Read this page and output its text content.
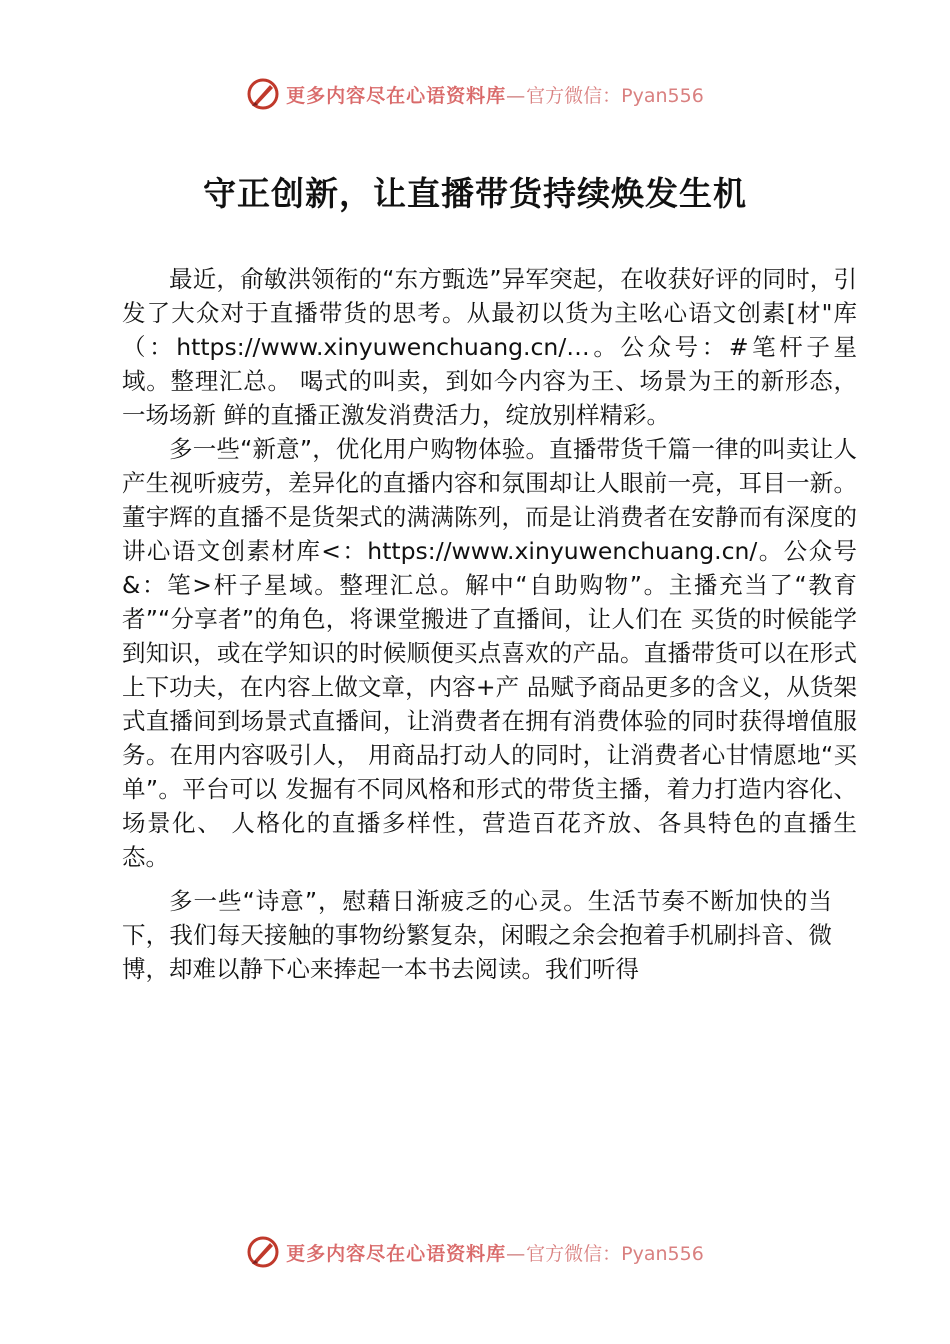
更多内容尽在心语资料库—官方微信：Pyan556
守正创新，让直播带货持续焕发生机

最近，俞敏洪领衔的“东方甄选”异军突起，在收获好评的同时，引发了大众对于直播带货的思考。从最初以货为主吆心语文创素[材"库（：https://www.xinyuwenchuang.cn/…。公众号：#笔杆子星域。整理汇总。 喝式的叫卖，到如今内容为王、场景为王的新形态，一场场新 鲜的直播正激发消费活力，绽放别样精彩。

多一些“新意”，优化用户购物体验。直播带货千篇一律的叫卖让人产生视听疲劳，差异化的直播内容和氛围却让人眼前一亮，耳目一新。董宇辉的直播不是货架式的满满陈列，而是让消费者在安静而有深度的讲心语文创素材库<：https://www.xinyuwenchuang.cn/。公众号&：笔>杆子星域。整理汇总。解中“自助购物”。主播充当了“教育者”“分享者”的角色，将课堂搬进了直播间，让人们在 买货的时候能学到知识，或在学知识的时候顺便买点喜欢的产品。直播带货可以在形式上下功夫，在内容上做文章，内容+产 品赋予商品更多的含义，从货架式直播间到场景式直播间，让消费者在拥有消费体验的同时获得增值服务。在用内容吸引人， 用商品打动人的同时，让消费者心甘情愿地“买单”。平台可以 发掘有不同风格和形式的带货主播，着力打造内容化、场景化、 人格化的直播多样性，营造百花齐放、各具特色的直播生态。

多一些“诗意”，慰藉日渐疲乏的心灵。生活节奏不断加快的当下，我们每天接触的事物纷繁复杂，闲暇之余会抱着手机刷抖音、微博，却难以静下心来捧起一本书去阅读。我们听得

更多内容尽在心语资料库—官方微信：Pyan556
